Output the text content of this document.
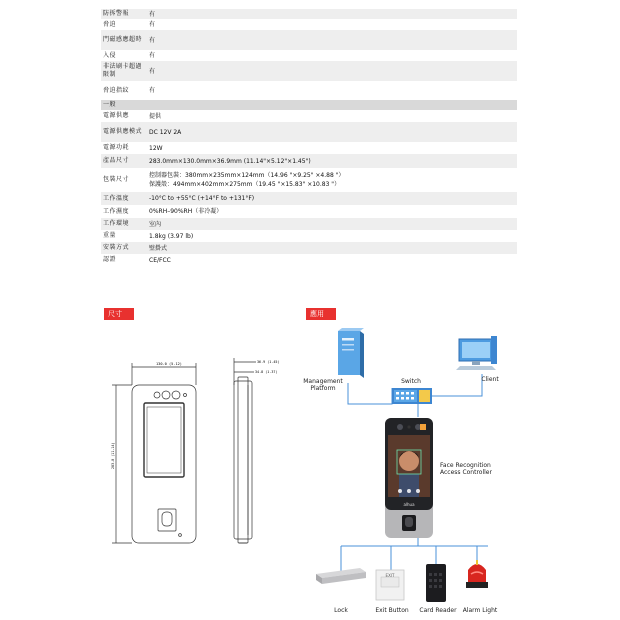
防拆警報	有
脅迫	有
門磁感應超時	有
入侵	有
非法刷卡超過限制	有
脅迫指紋	有
一般
電源供應	提供
電源供應模式	DC 12V 2A
電源功耗	12W
產品尺寸	283.0mm×130.0mm×36.9mm (11.14"×5.12"×1.45")
包裝尺寸
控制器包裝：380mm×235mm×124mm（14.96 "×9.25" ×4.88 "）
保護殼：494mm×402mm×275mm（19.45 "×15.83" ×10.83 "）
工作溫度	-10°C to +55°C (+14°F to +131°F)
工作濕度	0%RH–90%RH（非冷凝）
工作環境	室內
重量	1.8kg (3.97 lb)
安裝方式	壁掛式
認證	CE/FCC
尺寸	應用
130.0 (5.12)
283.0 (11.14)
36.9 (1.45)
34.8 (1.37)
Management
Platform
Switch	Client
Face Recognition
Access Controller
alhua
EXIT
Lock	Exit Button	Card Reader	Alarm Light
